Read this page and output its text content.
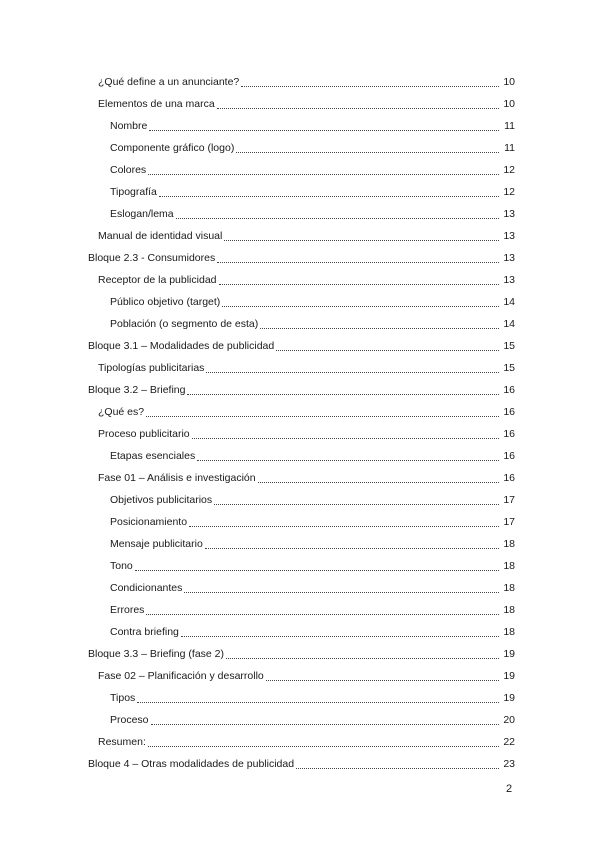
¿Qué define a un anunciante?	10
Elementos de una marca	10
Nombre	11
Componente gráfico (logo)	11
Colores	12
Tipografía	12
Eslogan/lema	13
Manual de identidad visual	13
Bloque 2.3 - Consumidores	13
Receptor de la publicidad	13
Público objetivo (target)	14
Población (o segmento de esta)	14
Bloque 3.1 – Modalidades de publicidad	15
Tipologías publicitarias	15
Bloque 3.2 – Briefing	16
¿Qué es?	16
Proceso publicitario	16
Etapas esenciales	16
Fase 01 – Análisis e investigación	16
Objetivos publicitarios	17
Posicionamiento	17
Mensaje publicitario	18
Tono	18
Condicionantes	18
Errores	18
Contra briefing	18
Bloque 3.3 – Briefing (fase 2)	19
Fase 02 – Planificación y desarrollo	19
Tipos	19
Proceso	20
Resumen:	22
Bloque 4 – Otras modalidades de publicidad	23
2
